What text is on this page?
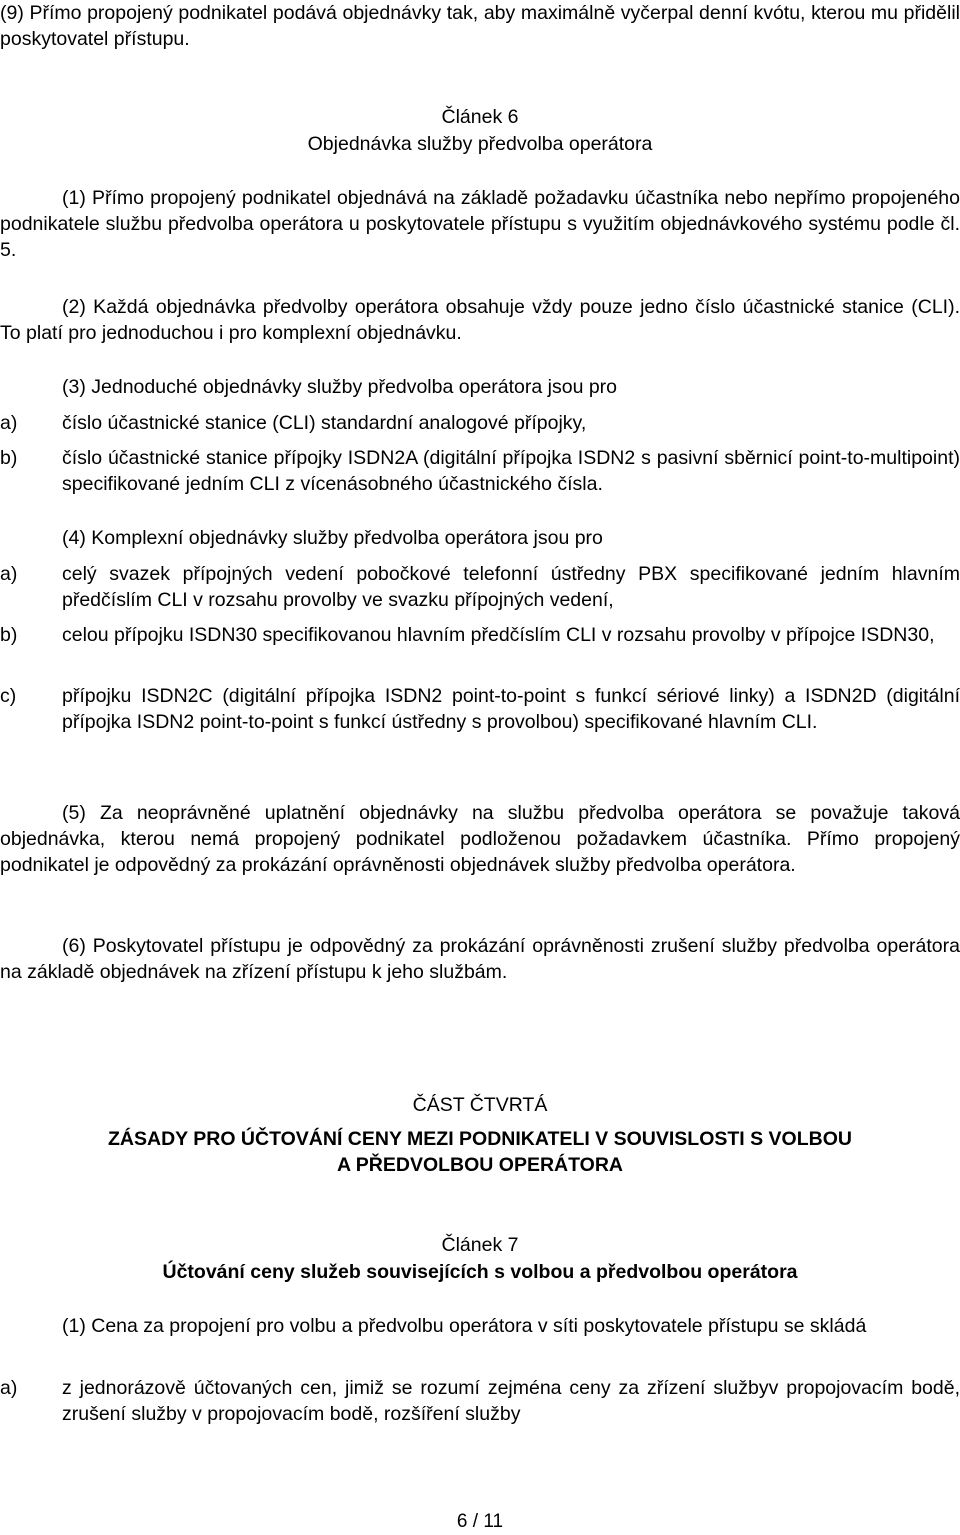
(9) Přímo propojený podnikatel podává objednávky tak, aby maximálně vyčerpal denní kvótu, kterou mu přidělil poskytovatel přístupu.

Článek 6

Objednávka služby předvolba operátora

(1) Přímo propojený podnikatel objednává na základě požadavku účastníka nebo nepřímo propojeného podnikatele službu předvolba operátora u poskytovatele přístupu s využitím objednávkového systému podle čl. 5.

(2) Každá objednávka předvolby operátora obsahuje vždy pouze jedno číslo účastnické stanice (CLI). To platí pro jednoduchou i pro komplexní objednávku.

(3) Jednoduché objednávky služby předvolba operátora jsou pro

a)	číslo účastnické stanice (CLI) standardní analogové přípojky,
b)	číslo účastnické stanice přípojky ISDN2A (digitální přípojka ISDN2 s pasivní sběrnicí point-to-multipoint) specifikované jedním CLI z vícenásobného účastnického čísla.

(4) Komplexní objednávky služby předvolba operátora jsou pro

a)	celý svazek přípojných vedení pobočkové telefonní ústředny PBX specifikované jedním hlavním předčíslím CLI v rozsahu provolby ve svazku přípojných vedení,
b)	celou přípojku ISDN30 specifikovanou hlavním předčíslím CLI v rozsahu provolby v přípojce ISDN30,
c)	přípojku ISDN2C (digitální přípojka ISDN2 point-to-point s funkcí sériové linky) a ISDN2D (digitální přípojka ISDN2 point-to-point s funkcí ústředny s provolbou) specifikované hlavním CLI.

(5) Za neoprávněné uplatnění objednávky na službu předvolba operátora se považuje taková objednávka, kterou nemá propojený podnikatel podloženou požadavkem účastníka. Přímo propojený podnikatel je odpovědný za prokázání oprávněnosti objednávek služby předvolba operátora.

(6) Poskytovatel přístupu je odpovědný za prokázání oprávněnosti zrušení služby předvolba operátora na základě objednávek na zřízení přístupu k jeho službám.

ČÁST ČTVRTÁ

ZÁSADY PRO ÚČTOVÁNÍ CENY MEZI PODNIKATELI V SOUVISLOSTI S VOLBOU

A PŘEDVOLBOU OPERÁTORA

Článek 7

Účtování ceny služeb souvisejících s volbou a předvolbou operátora

(1) Cena za propojení pro volbu a předvolbu operátora v síti poskytovatele přístupu se skládá

a)	z jednorázově účtovaných cen, jimiž se rozumí zejména ceny za zřízení službyv propojovacím bodě, zrušení služby v propojovacím bodě, rozšíření služby

6 / 11
